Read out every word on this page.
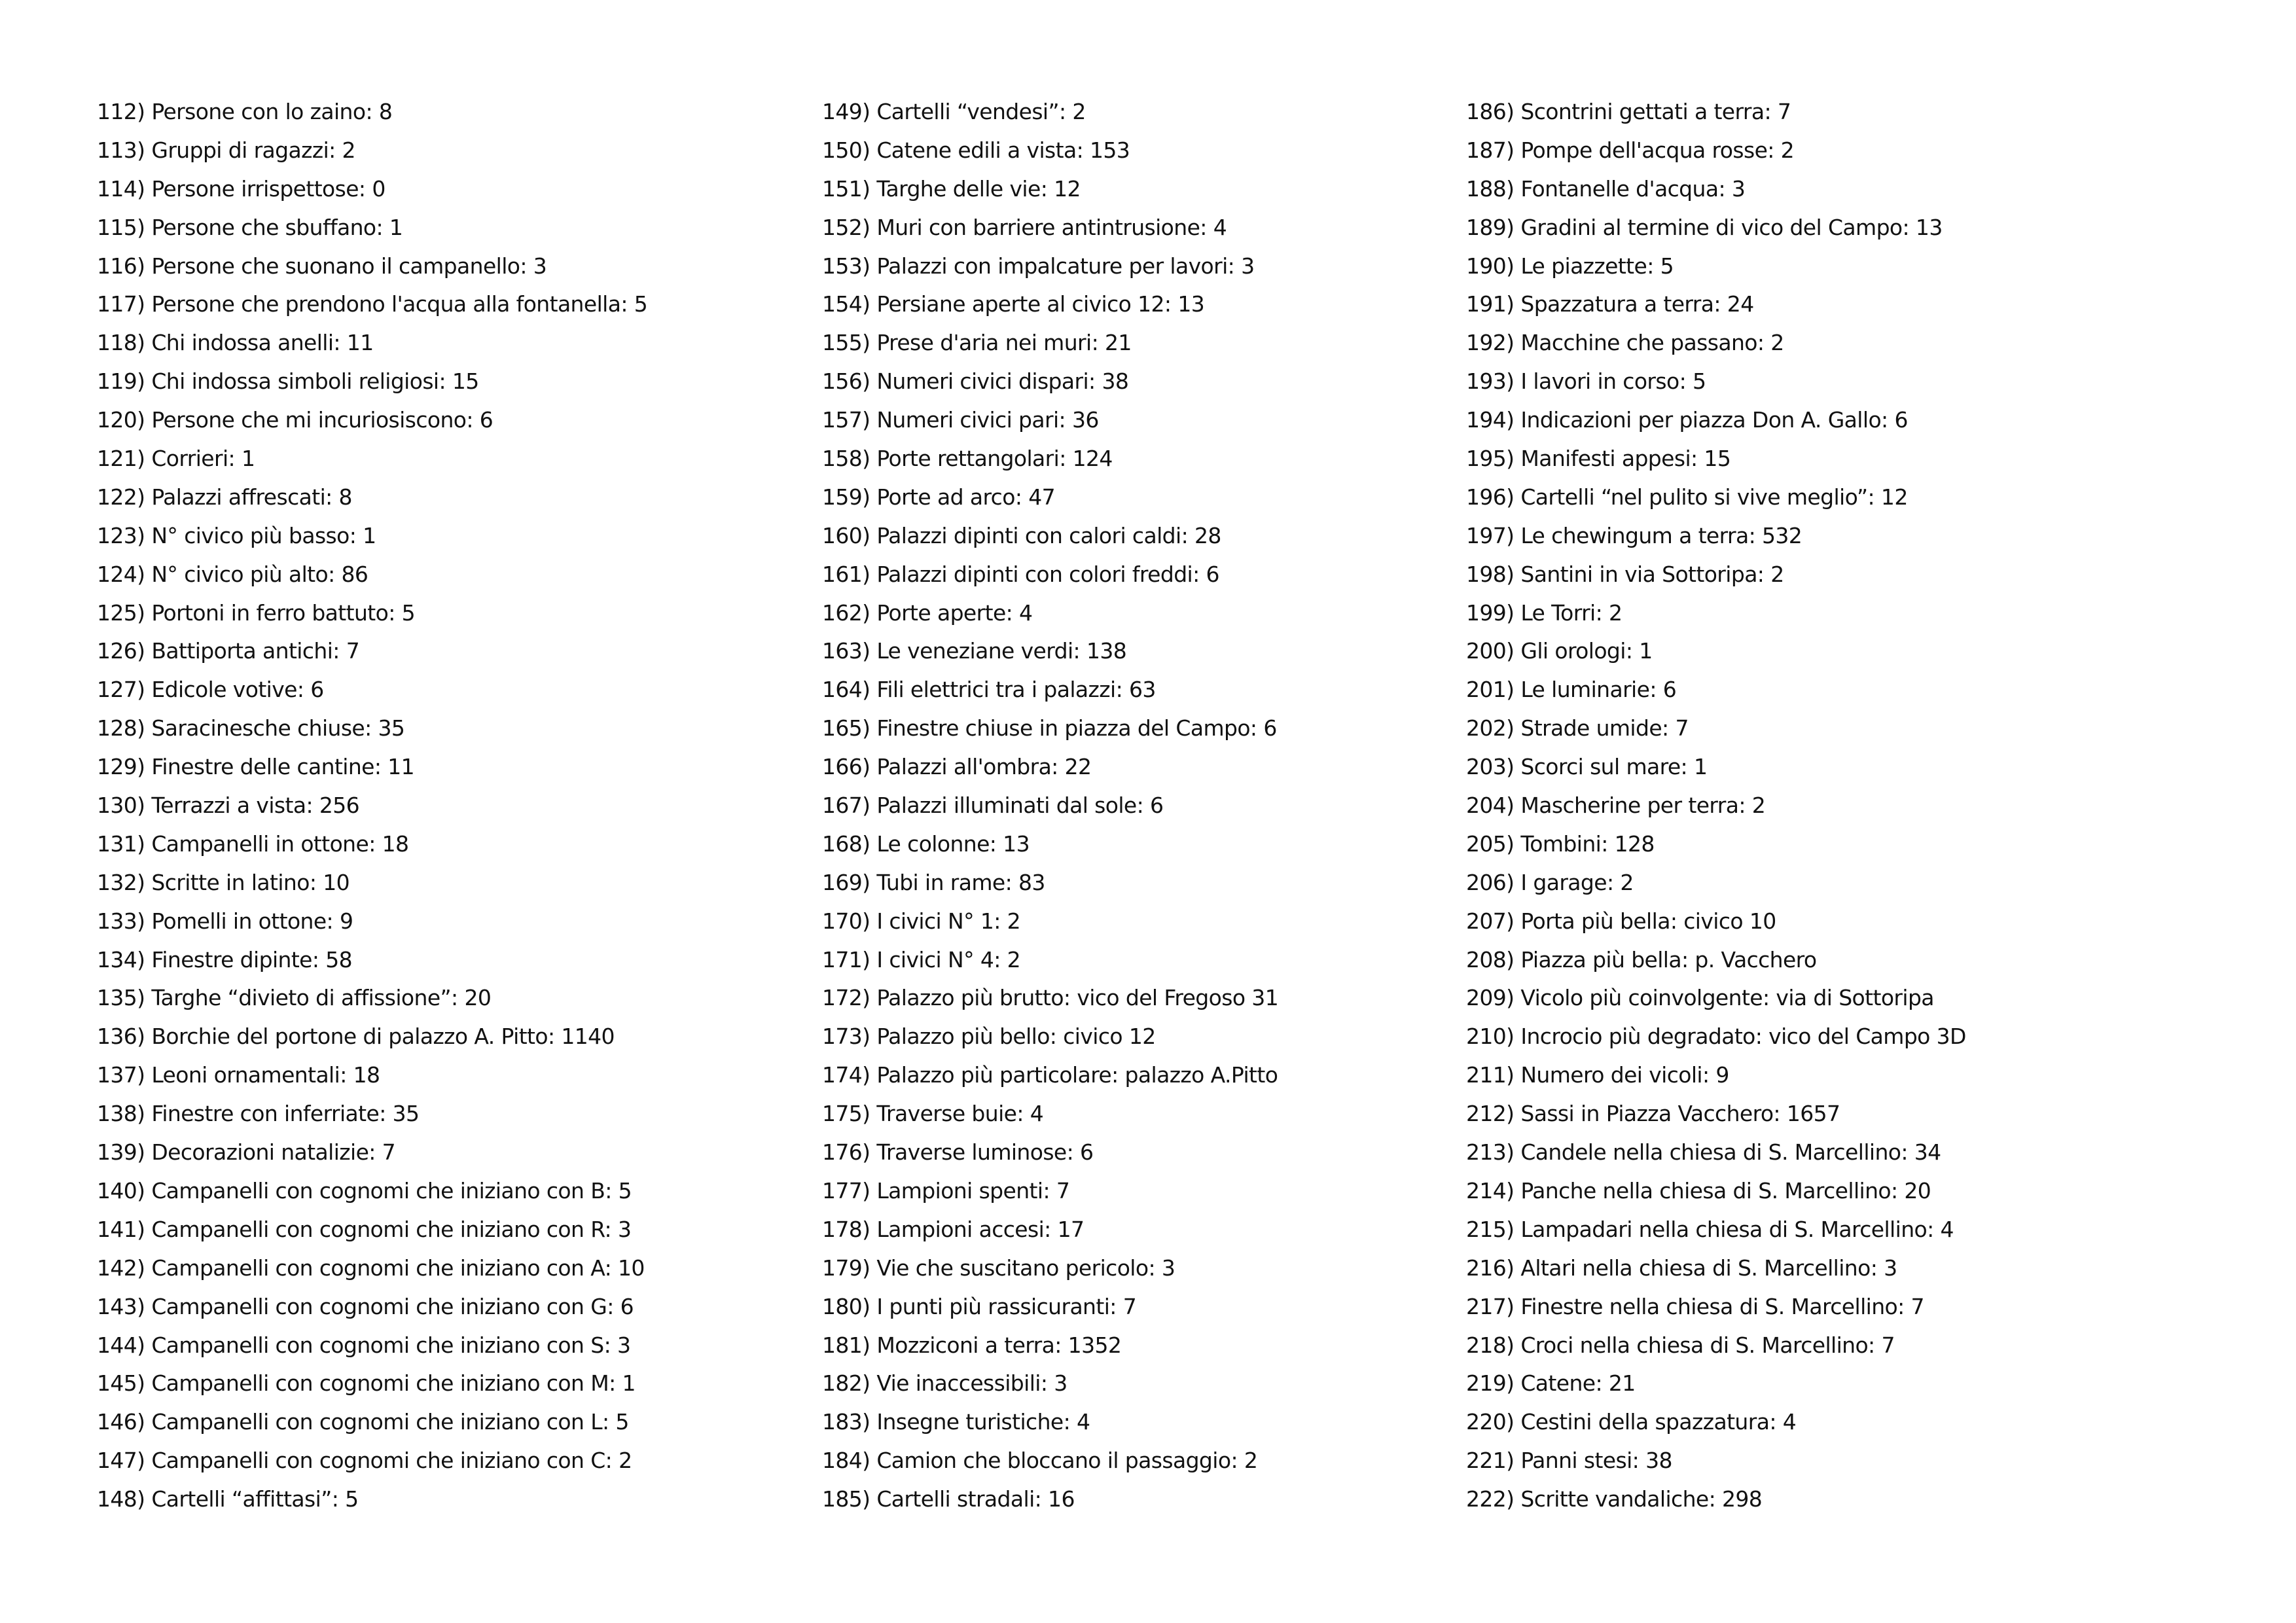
112) Persone con lo zaino: 8
113) Gruppi di ragazzi: 2
114) Persone irrispettose: 0
115) Persone che sbuffano: 1
116) Persone che suonano il campanello: 3
117) Persone che prendono l'acqua alla fontanella: 5
118) Chi indossa anelli: 11
119) Chi indossa simboli religiosi: 15
120) Persone che mi incuriosiscono: 6
121) Corrieri: 1
122) Palazzi affrescati: 8
123) N° civico più basso: 1
124) N° civico più alto: 86
125) Portoni in ferro battuto: 5
126) Battiporta antichi: 7
127) Edicole votive: 6
128) Saracinesche chiuse: 35
129) Finestre delle cantine: 11
130) Terrazzi a vista: 256
131) Campanelli in ottone: 18
132) Scritte in latino: 10
133) Pomelli in ottone: 9
134) Finestre dipinte: 58
135) Targhe “divieto di affissione”: 20
136) Borchie del portone di palazzo A. Pitto: 1140
137) Leoni ornamentali: 18
138) Finestre con inferriate: 35
139) Decorazioni natalizie: 7
140) Campanelli con cognomi che iniziano con B: 5
141) Campanelli con cognomi che iniziano con R: 3
142) Campanelli con cognomi che iniziano con A: 10
143) Campanelli con cognomi che iniziano con G: 6
144) Campanelli con cognomi che iniziano con S: 3
145) Campanelli con cognomi che iniziano con M: 1
146) Campanelli con cognomi che iniziano con L: 5
147) Campanelli con cognomi che iniziano con C: 2
148) Cartelli “affittasi”: 5
149) Cartelli “vendesi”: 2
150) Catene edili a vista: 153
151) Targhe delle vie: 12
152) Muri con barriere antintrusione: 4
153) Palazzi con impalcature per lavori: 3
154) Persiane aperte al civico 12: 13
155) Prese d'aria nei muri: 21
156) Numeri civici dispari: 38
157) Numeri civici pari: 36
158) Porte rettangolari: 124
159) Porte ad arco: 47
160) Palazzi dipinti con calori caldi: 28
161) Palazzi dipinti con colori freddi: 6
162) Porte aperte: 4
163) Le veneziane verdi: 138
164) Fili elettrici tra i palazzi: 63
165) Finestre chiuse in piazza del Campo: 6
166) Palazzi all'ombra: 22
167) Palazzi illuminati dal sole: 6
168) Le colonne: 13
169) Tubi in rame: 83
170) I civici N° 1: 2
171) I civici N° 4: 2
172) Palazzo più brutto: vico del Fregoso 31
173) Palazzo più bello: civico 12
174) Palazzo più particolare: palazzo A.Pitto
175) Traverse buie: 4
176) Traverse luminose: 6
177) Lampioni spenti: 7
178) Lampioni accesi: 17
179) Vie che suscitano pericolo: 3
180) I punti più rassicuranti: 7
181) Mozziconi a terra: 1352
182) Vie inaccessibili: 3
183) Insegne turistiche: 4
184) Camion che bloccano il passaggio: 2
185) Cartelli stradali: 16
186) Scontrini gettati a terra: 7
187) Pompe dell'acqua rosse: 2
188) Fontanelle d'acqua: 3
189) Gradini al termine di vico del Campo: 13
190) Le piazzette: 5
191) Spazzatura a terra: 24
192) Macchine che passano: 2
193) I lavori in corso: 5
194) Indicazioni per piazza Don A. Gallo: 6
195) Manifesti appesi: 15
196) Cartelli “nel pulito si vive meglio”: 12
197) Le chewingum a terra: 532
198) Santini in via Sottoripa: 2
199) Le Torri: 2
200) Gli orologi: 1
201) Le luminarie: 6
202) Strade umide: 7
203) Scorci sul mare: 1
204) Mascherine per terra: 2
205) Tombini: 128
206) I garage: 2
207) Porta più bella: civico 10
208) Piazza più bella: p. Vacchero
209) Vicolo più coinvolgente: via di Sottoripa
210) Incrocio più degradato: vico del Campo 3D
211) Numero dei vicoli: 9
212) Sassi in Piazza Vacchero: 1657
213) Candele nella chiesa di S. Marcellino: 34
214) Panche nella chiesa di S. Marcellino: 20
215) Lampadari nella chiesa di S. Marcellino: 4
216) Altari nella chiesa di S. Marcellino: 3
217) Finestre nella chiesa di S. Marcellino: 7
218) Croci nella chiesa di S. Marcellino: 7
219) Catene: 21
220) Cestini della spazzatura: 4
221) Panni stesi: 38
222) Scritte vandaliche: 298
